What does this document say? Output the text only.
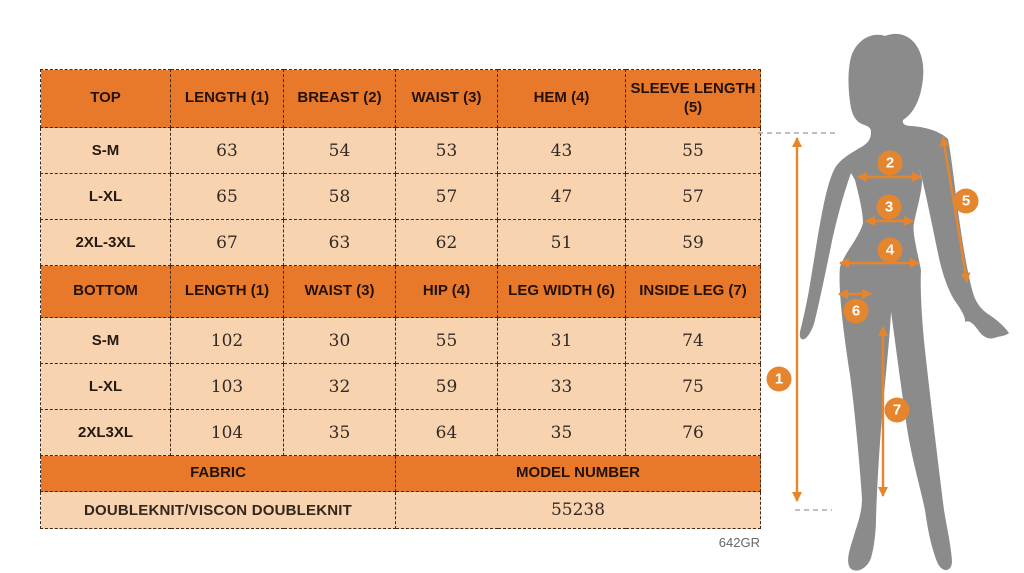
TOP	LENGTH (1)	BREAST (2)	WAIST (3)	HEM (4)	SLEEVE LENGTH (5)
S-M	63	54	53	43	55
L-XL	65	58	57	47	57
2XL-3XL	67	63	62	51	59
BOTTOM	LENGTH (1)	WAIST (3)	HIP (4)	LEG WIDTH (6)	INSIDE LEG (7)
S-M	102	30	55	31	74
L-XL	103	32	59	33	75
2XL3XL	104	35	64	35	76
FABRIC			MODEL NUMBER		
DOUBLEKNIT/VISCON DOUBLEKNIT			55238		
642GR
1
2
3
4
5
6
7
